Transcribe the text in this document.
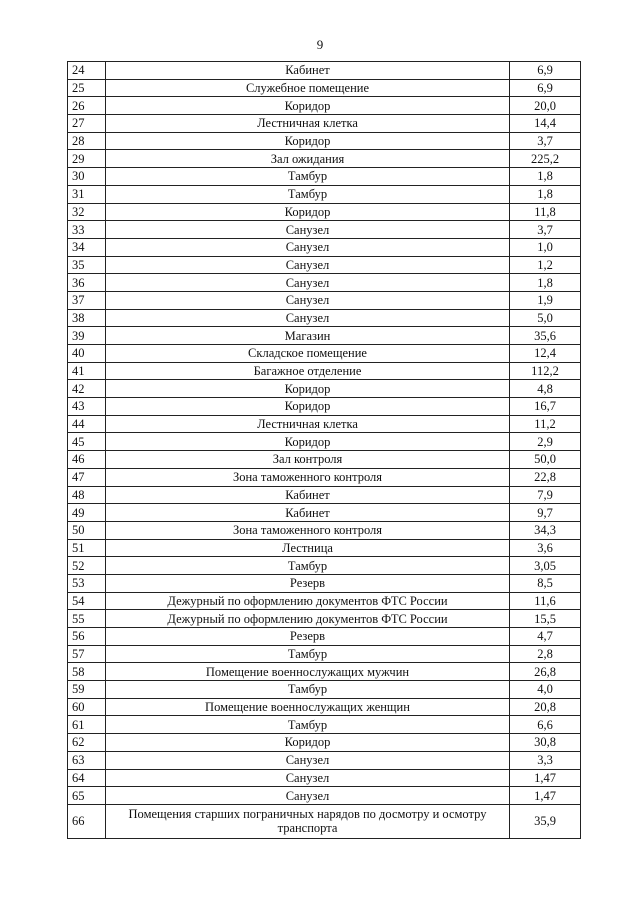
9
24	Кабинет	6,9
25	Служебное помещение	6,9
26	Коридор	20,0
27	Лестничная клетка	14,4
28	Коридор	3,7
29	Зал ожидания	225,2
30	Тамбур	1,8
31	Тамбур	1,8
32	Коридор	11,8
33	Санузел	3,7
34	Санузел	1,0
35	Санузел	1,2
36	Санузел	1,8
37	Санузел	1,9
38	Санузел	5,0
39	Магазин	35,6
40	Складское помещение	12,4
41	Багажное отделение	112,2
42	Коридор	4,8
43	Коридор	16,7
44	Лестничная клетка	11,2
45	Коридор	2,9
46	Зал контроля	50,0
47	Зона таможенного контроля	22,8
48	Кабинет	7,9
49	Кабинет	9,7
50	Зона таможенного контроля	34,3
51	Лестница	3,6
52	Тамбур	3,05
53	Резерв	8,5
54	Дежурный по оформлению документов ФТС России	11,6
55	Дежурный по оформлению документов ФТС России	15,5
56	Резерв	4,7
57	Тамбур	2,8
58	Помещение военнослужащих мужчин	26,8
59	Тамбур	4,0
60	Помещение военнослужащих женщин	20,8
61	Тамбур	6,6
62	Коридор	30,8
63	Санузел	3,3
64	Санузел	1,47
65	Санузел	1,47
66	Помещения старших пограничных нарядов по досмотру и осмотру транспорта	35,9
